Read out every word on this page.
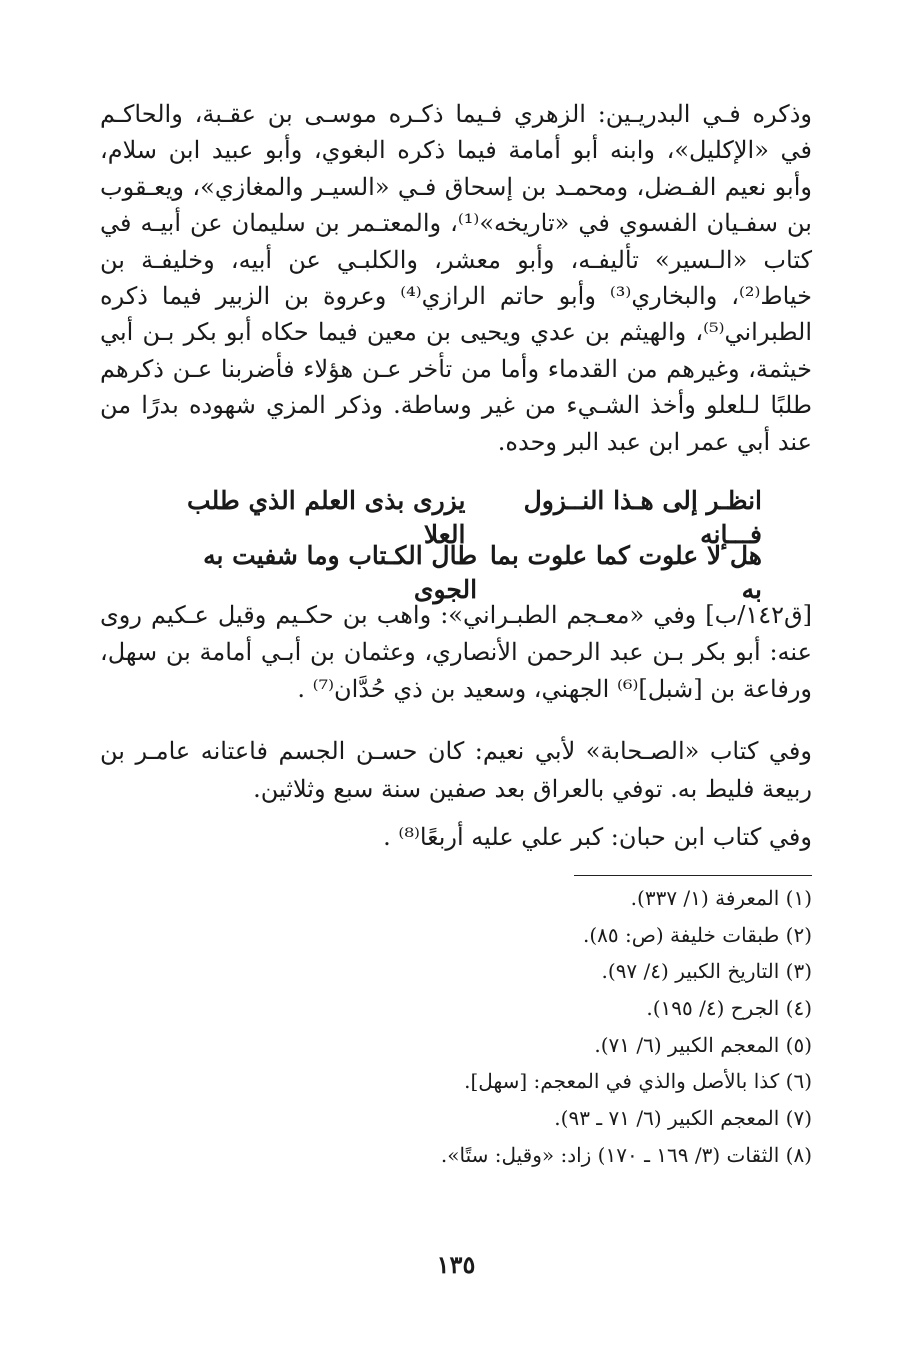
وذكره فـي البدريـين: الزهري فـيما ذكـره موسـى بن عقـبة، والحاكـم في «الإكليل»، وابنه أبو أمامة فيما ذكره البغوي، وأبو عبيد ابن سلام، وأبو نعيم الفـضل، ومحمـد بن إسحاق فـي «السيـر والمغازي»، ويعـقوب بن سفـيان الفسوي في «تاريخه»⁽¹⁾، والمعتـمر بن سليمان عن أبيـه في كتاب «الـسير» تأليفـه، وأبو معشر، والكلبـي عن أبيه، وخليفـة بن خياط⁽²⁾، والبخاري⁽³⁾ وأبو حاتم الرازي⁽⁴⁾ وعروة بن الزبير فيما ذكره الطبراني⁽⁵⁾، والهيثم بن عدي ويحيى بن معين فيما حكاه أبو بكر بـن أبي خيثمة، وغيرهم من القدماء وأما من تأخر عـن هؤلاء فأضربنا عـن ذكرهم طلبًا لـلعلو وأخذ الشـيء من غير وساطة. وذكر المزي شهوده بدرًا من عند أبي عمر ابن عبد البر وحده.

انظـر إلى هـذا النــزول فـــإنه
يزرى بذى العلم الذي طلب العلا
هل لا علوت كما علوت بما به
طال الكـتاب وما شفيت به الجوى

[ق١٤٢/ب] وفي «معـجم الطبـراني»: واهب بن حكـيم وقيل عـكيم روى عنه: أبو بكر بـن عبد الرحمن الأنصاري، وعثمان بن أبـي أمامة بن سهل، ورفاعة بن [شبل]⁽⁶⁾ الجهني، وسعيد بن ذي حُدَّان⁽⁷⁾ .

وفي كتاب «الصـحابة» لأبي نعيم: كان حسـن الجسم فاعتانه عامـر بن ربيعة فليط به. توفي بالعراق بعد صفين سنة سبع وثلاثين.

وفي كتاب ابن حبان: كبر علي عليه أربعًا⁽⁸⁾ .

(١) المعرفة (١/ ٣٣٧).
(٢) طبقات خليفة (ص: ٨٥).
(٣) التاريخ الكبير (٤/ ٩٧).
(٤) الجرح (٤/ ١٩٥).
(٥) المعجم الكبير (٦/ ٧١).
(٦) كذا بالأصل والذي في المعجم: [سهل].
(٧) المعجم الكبير (٦/ ٧١ ـ ٩٣).
(٨) الثقات (٣/ ١٦٩ ـ ١٧٠) زاد: «وقيل: ستًا».
١٣٥
